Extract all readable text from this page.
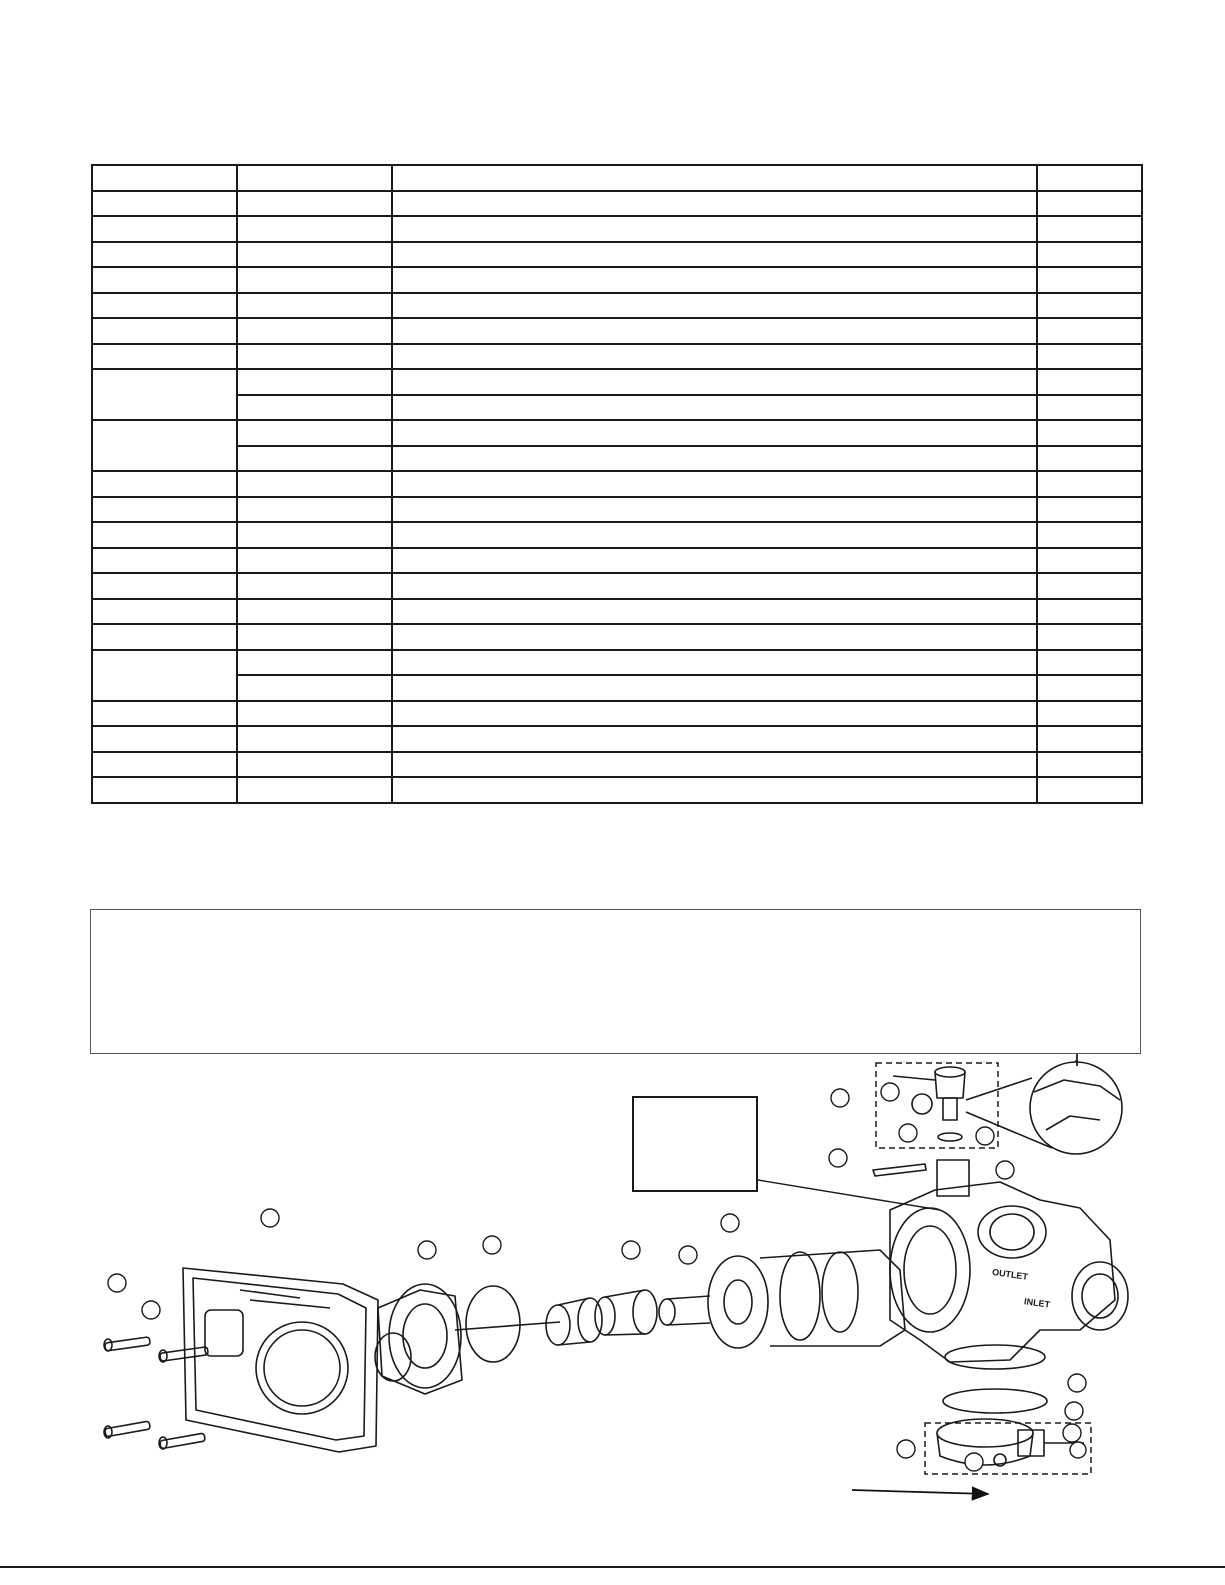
OUTLET
INLET
